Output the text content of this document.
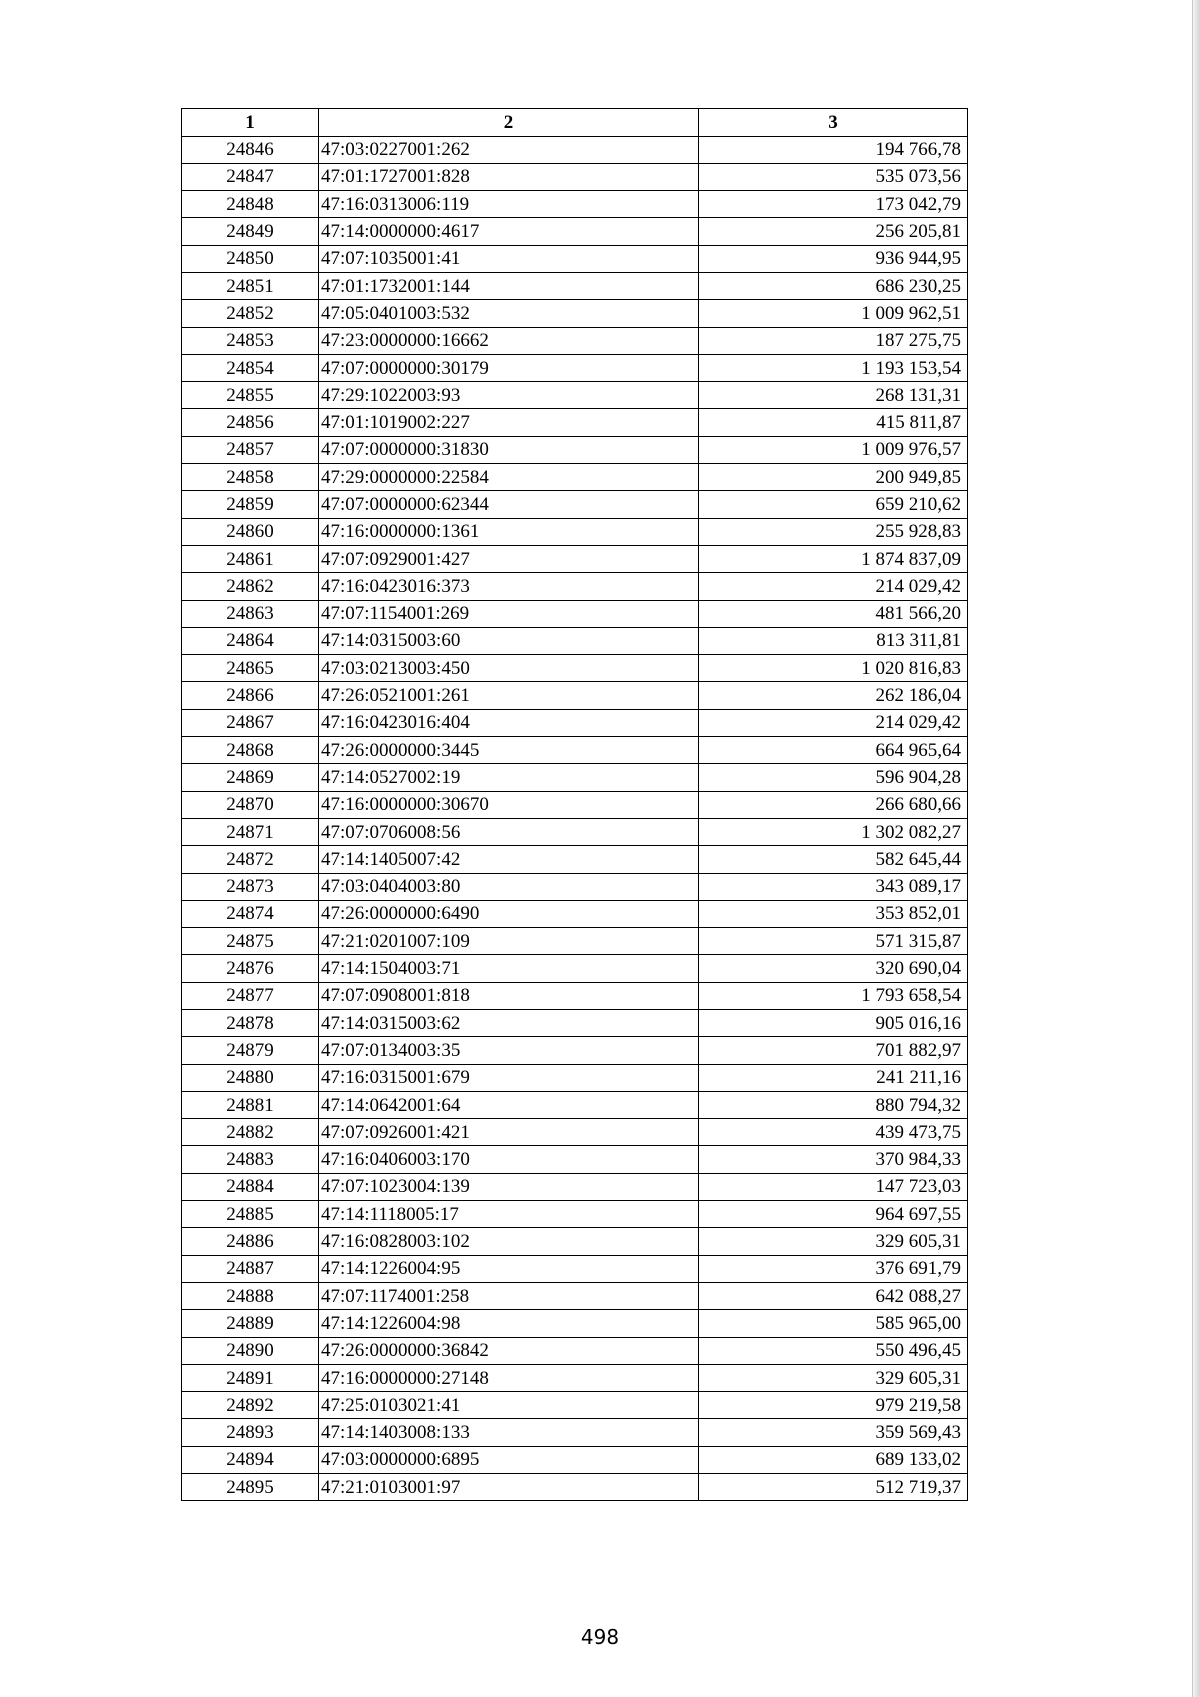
1	2	3
24846	47:03:0227001:262	194 766,78
24847	47:01:1727001:828	535 073,56
24848	47:16:0313006:119	173 042,79
24849	47:14:0000000:4617	256 205,81
24850	47:07:1035001:41	936 944,95
24851	47:01:1732001:144	686 230,25
24852	47:05:0401003:532	1 009 962,51
24853	47:23:0000000:16662	187 275,75
24854	47:07:0000000:30179	1 193 153,54
24855	47:29:1022003:93	268 131,31
24856	47:01:1019002:227	415 811,87
24857	47:07:0000000:31830	1 009 976,57
24858	47:29:0000000:22584	200 949,85
24859	47:07:0000000:62344	659 210,62
24860	47:16:0000000:1361	255 928,83
24861	47:07:0929001:427	1 874 837,09
24862	47:16:0423016:373	214 029,42
24863	47:07:1154001:269	481 566,20
24864	47:14:0315003:60	813 311,81
24865	47:03:0213003:450	1 020 816,83
24866	47:26:0521001:261	262 186,04
24867	47:16:0423016:404	214 029,42
24868	47:26:0000000:3445	664 965,64
24869	47:14:0527002:19	596 904,28
24870	47:16:0000000:30670	266 680,66
24871	47:07:0706008:56	1 302 082,27
24872	47:14:1405007:42	582 645,44
24873	47:03:0404003:80	343 089,17
24874	47:26:0000000:6490	353 852,01
24875	47:21:0201007:109	571 315,87
24876	47:14:1504003:71	320 690,04
24877	47:07:0908001:818	1 793 658,54
24878	47:14:0315003:62	905 016,16
24879	47:07:0134003:35	701 882,97
24880	47:16:0315001:679	241 211,16
24881	47:14:0642001:64	880 794,32
24882	47:07:0926001:421	439 473,75
24883	47:16:0406003:170	370 984,33
24884	47:07:1023004:139	147 723,03
24885	47:14:1118005:17	964 697,55
24886	47:16:0828003:102	329 605,31
24887	47:14:1226004:95	376 691,79
24888	47:07:1174001:258	642 088,27
24889	47:14:1226004:98	585 965,00
24890	47:26:0000000:36842	550 496,45
24891	47:16:0000000:27148	329 605,31
24892	47:25:0103021:41	979 219,58
24893	47:14:1403008:133	359 569,43
24894	47:03:0000000:6895	689 133,02
24895	47:21:0103001:97	512 719,37
498
